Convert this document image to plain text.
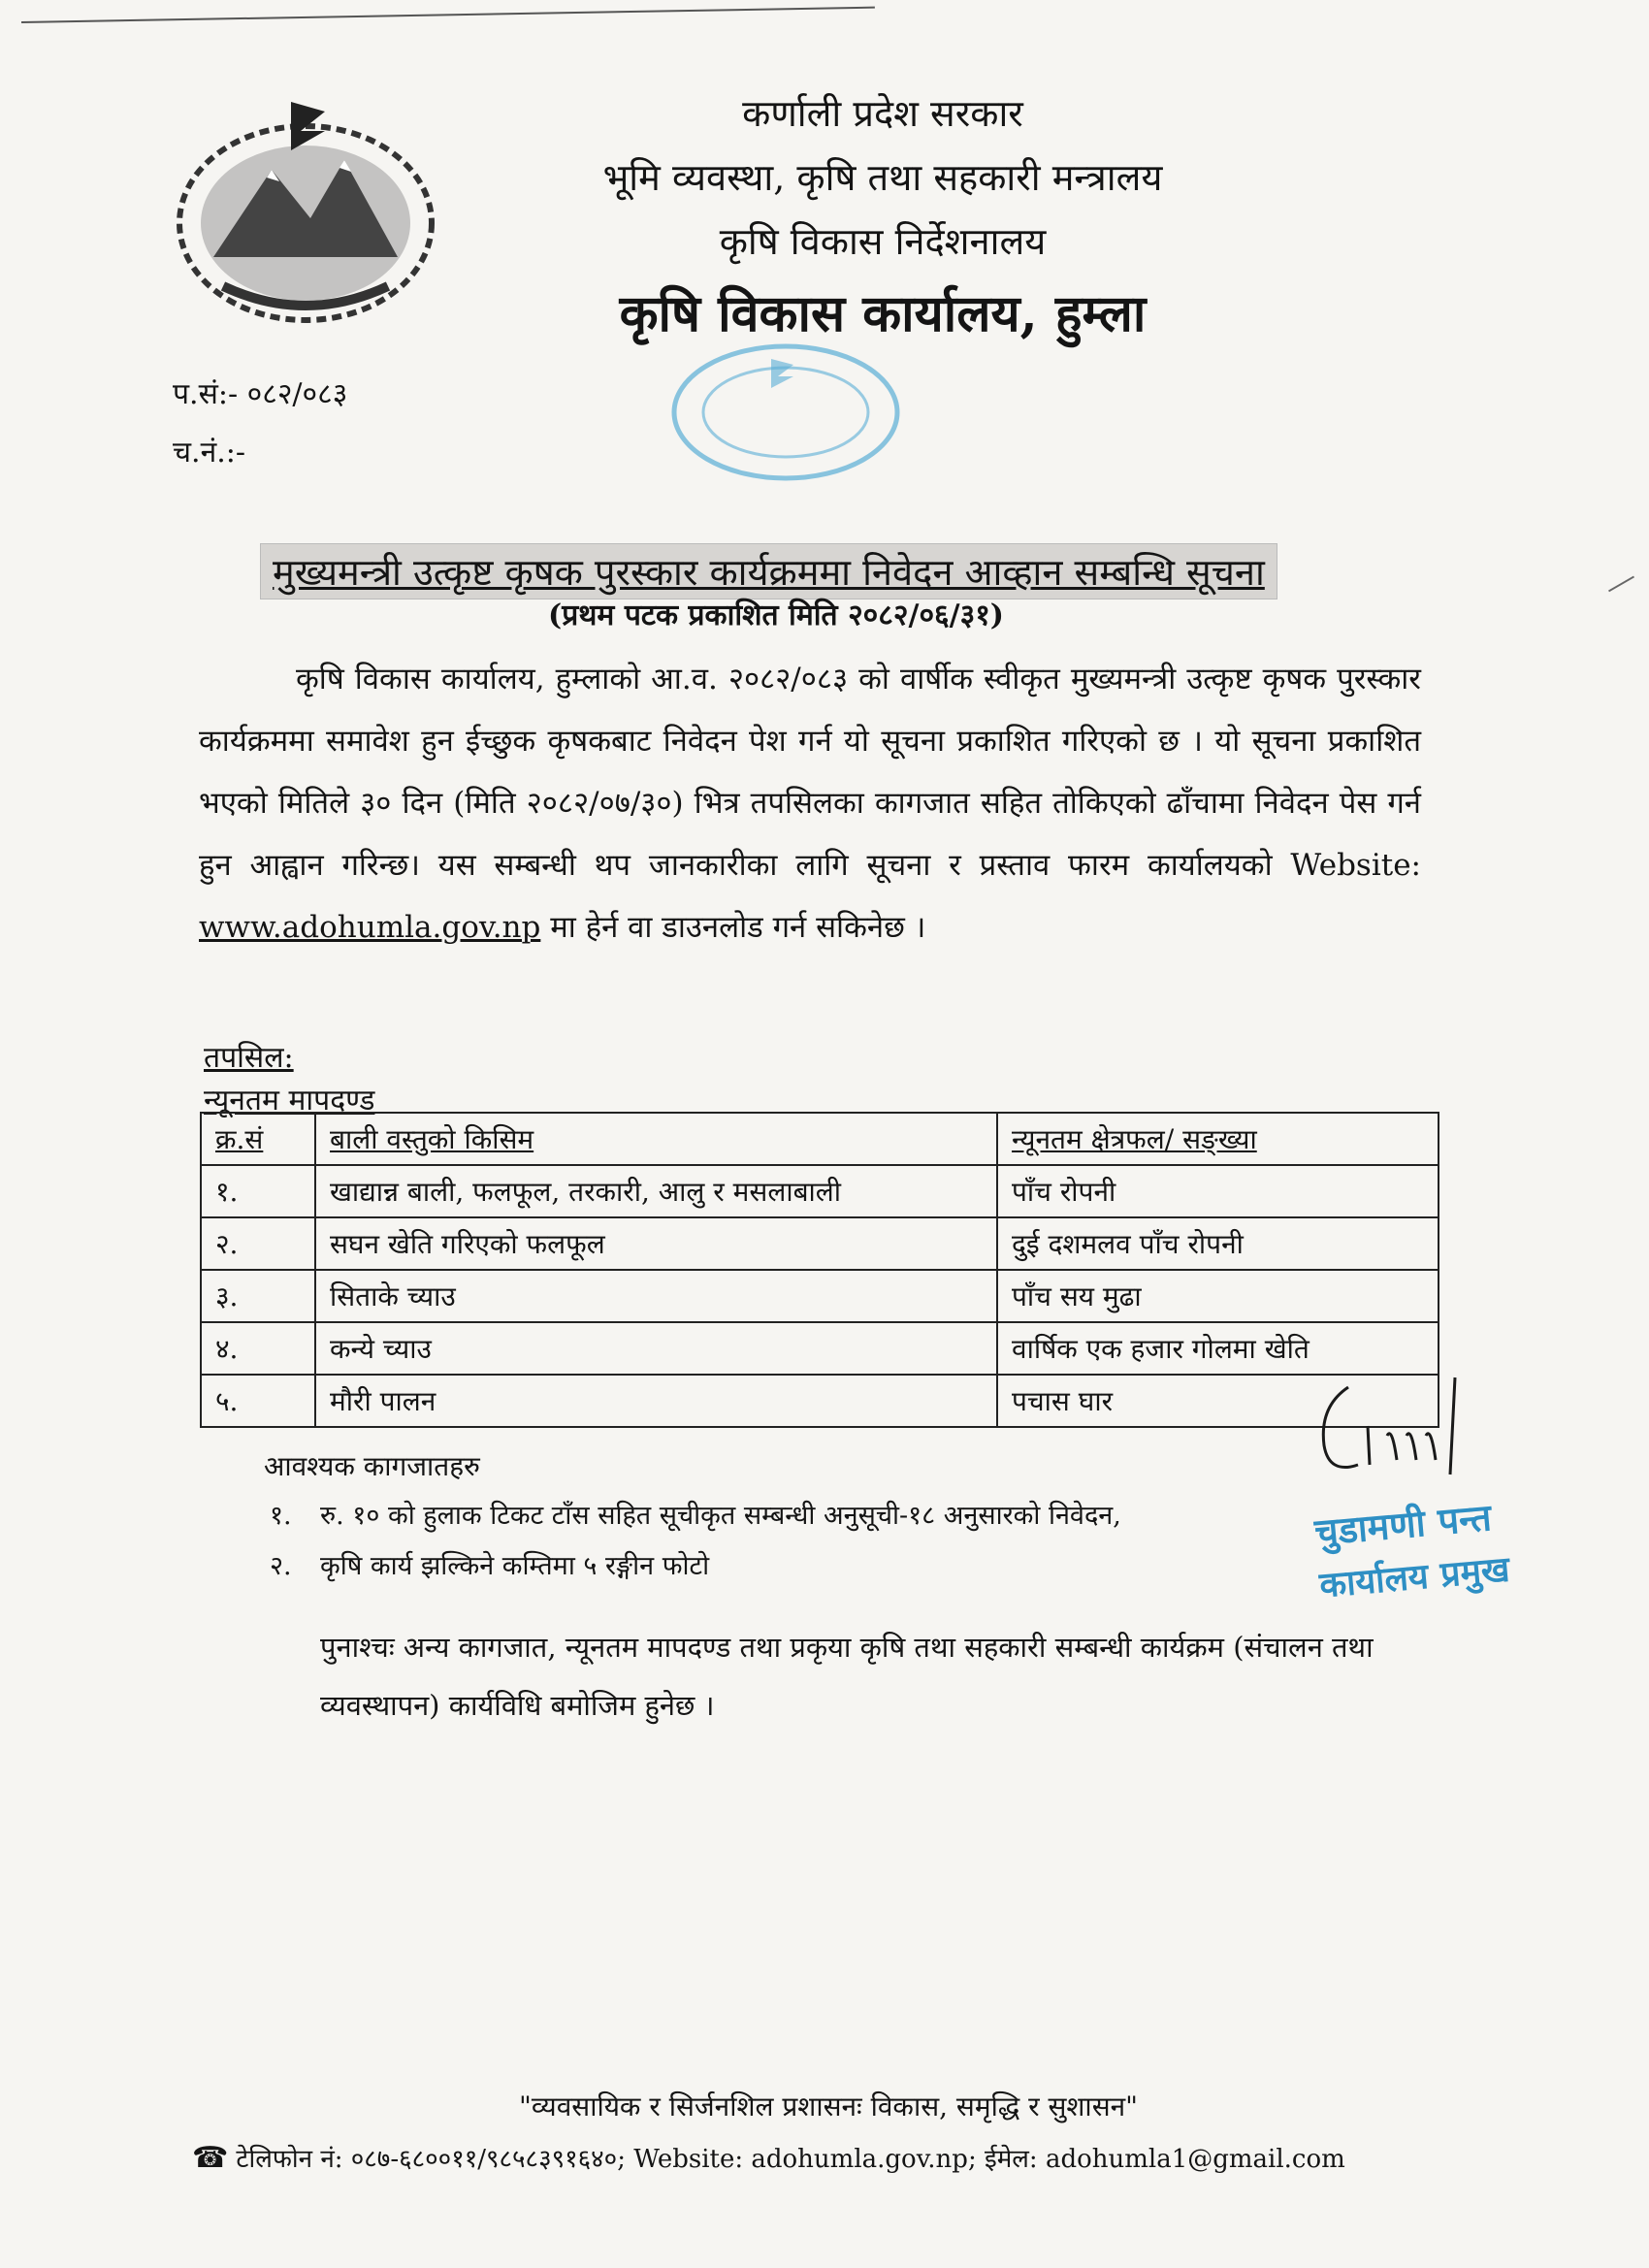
कर्णाली प्रदेश सरकार
भूमि व्यवस्था, कृषि तथा सहकारी मन्त्रालय
कृषि विकास निर्देशनालय
कृषि विकास कार्यालय, हुम्ला
प.सं:- ०८२/०८३
च.नं.:-
मुख्यमन्त्री उत्कृष्ट कृषक पुरस्कार कार्यक्रममा निवेदन आव्हान सम्बन्धि सूचना
(प्रथम पटक प्रकाशित मिति २०८२/०६/३१)
कृषि विकास कार्यालय, हुम्लाको आ.व. २०८२/०८३ को वार्षीक स्वीकृत मुख्यमन्त्री उत्कृष्ट कृषक पुरस्कार कार्यक्रममा समावेश हुन ईच्छुक कृषकबाट निवेदन पेश गर्न यो सूचना प्रकाशित गरिएको छ । यो सूचना प्रकाशित भएको मितिले ३० दिन (मिति २०८२/०७/३०) भित्र तपसिलका कागजात सहित तोकिएको ढाँचामा निवेदन पेस गर्न हुन आह्वान गरिन्छ। यस सम्बन्धी थप जानकारीका लागि सूचना र प्रस्ताव फारम कार्यालयको Website: www.adohumla.gov.np मा हेर्न वा डाउनलोड गर्न सकिनेछ ।
तपसिल:
न्यूनतम मापदण्ड
क्र.सं	बाली वस्तुको किसिम	न्यूनतम क्षेत्रफल/ सङ्ख्या
१.	खाद्यान्न बाली, फलफूल, तरकारी, आलु र मसलाबाली	पाँच रोपनी
२.	सघन खेति गरिएको फलफूल	दुई दशमलव पाँच रोपनी
३.	सिताके च्याउ	पाँच सय मुढा
४.	कन्ये च्याउ	वार्षिक एक हजार गोलमा खेति
५.	मौरी पालन	पचास घार
आवश्यक कागजातहरु
१. रु. १० को हुलाक टिकट टाँस सहित सूचीकृत सम्बन्धी अनुसूची-१८ अनुसारको निवेदन,
२. कृषि कार्य झल्किने कम्तिमा ५ रङ्गीन फोटो
पुनाश्चः अन्य कागजात, न्यूनतम मापदण्ड तथा प्रकृया कृषि तथा सहकारी सम्बन्धी कार्यक्रम (संचालन तथा व्यवस्थापन) कार्यविधि बमोजिम हुनेछ ।
चुडामणी पन्त
कार्यालय प्रमुख
"व्यवसायिक र सिर्जनशिल प्रशासनः विकास, समृद्धि र सुशासन"
☎ टेलिफोन नं: ०८७-६८००११/९८५८३९१६४०; Website: adohumla.gov.np; ईमेल: adohumla1@gmail.com
